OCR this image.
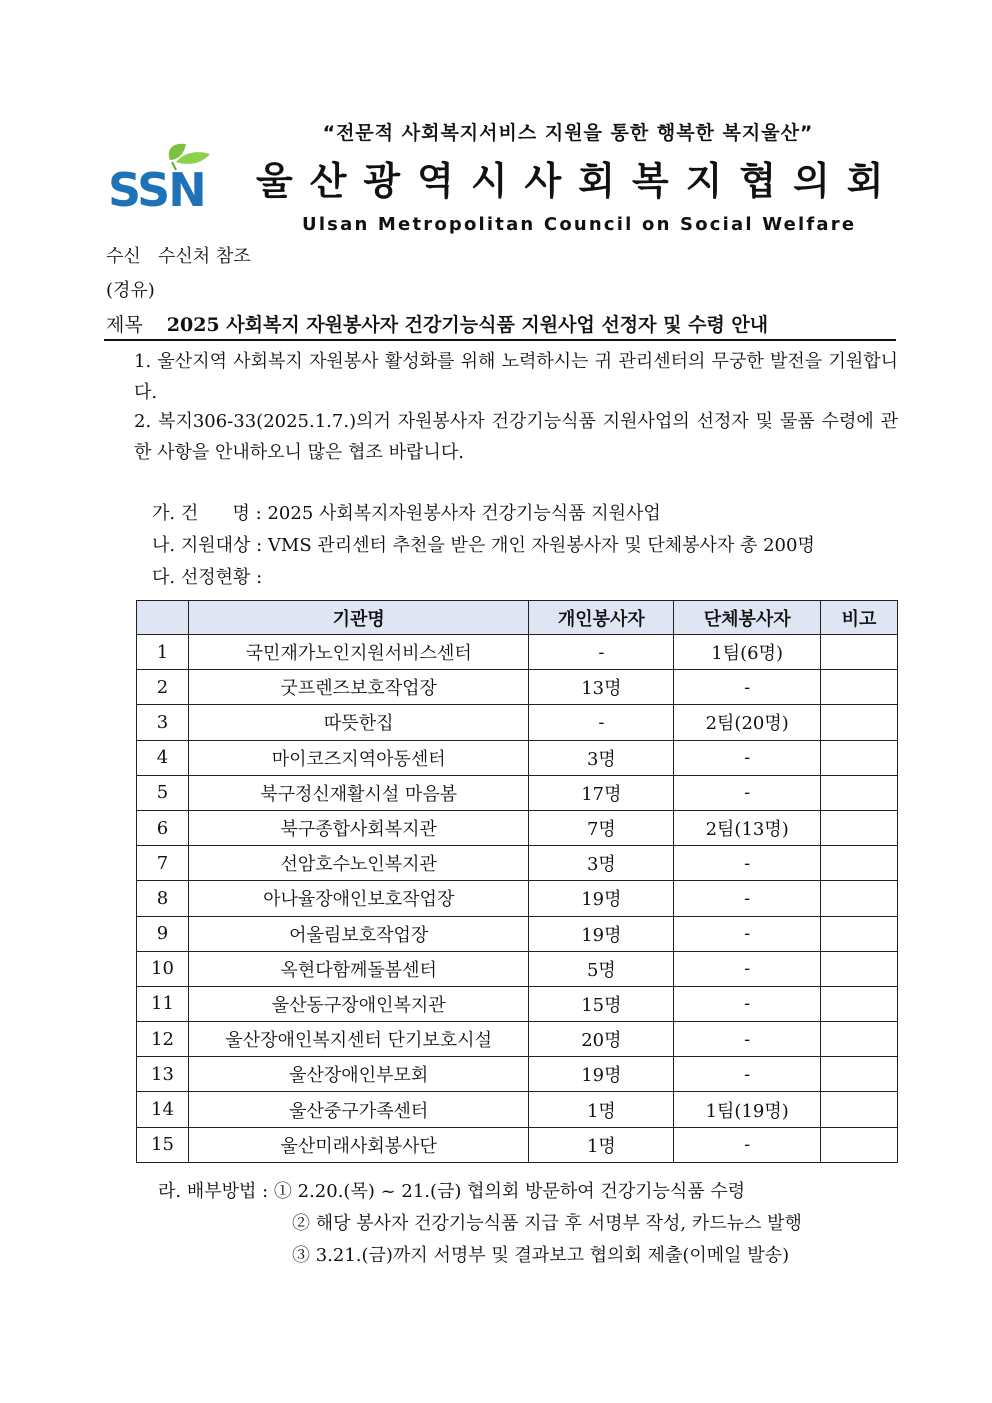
“전문적 사회복지서비스 지원을 통한 행복한 복지울산”
SSN 울산광역시사회복지협의회
Ulsan Metropolitan Council on Social Welfare
수신 수신처 참조
(경유)
제목 2025 사회복지 자원봉사자 건강기능식품 지원사업 선정자 및 수령 안내
1. 울산지역 사회복지 자원봉사 활성화를 위해 노력하시는 귀 관리센터의 무궁한 발전을 기원합니다.
2. 복지306-33(2025.1.7.)의거 자원봉사자 건강기능식품 지원사업의 선정자 및 물품 수령에 관한 사항을 안내하오니 많은 협조 바랍니다.
가. 건      명 : 2025 사회복지자원봉사자 건강기능식품 지원사업
나. 지원대상 : VMS 관리센터 추천을 받은 개인 자원봉사자 및 단체봉사자 총 200명
다. 선정현황 :
	기관명	개인봉사자	단체봉사자	비고
1	국민재가노인지원서비스센터	-	1팀(6명)	
2	굿프렌즈보호작업장	13명	-	
3	따뜻한집	-	2팀(20명)	
4	마이코즈지역아동센터	3명	-	
5	북구정신재활시설 마음봄	17명	-	
6	북구종합사회복지관	7명	2팀(13명)	
7	선암호수노인복지관	3명	-	
8	아나율장애인보호작업장	19명	-	
9	어울림보호작업장	19명	-	
10	옥현다함께돌봄센터	5명	-	
11	울산동구장애인복지관	15명	-	
12	울산장애인복지센터 단기보호시설	20명	-	
13	울산장애인부모회	19명	-	
14	울산중구가족센터	1명	1팀(19명)	
15	울산미래사회봉사단	1명	-	
라. 배부방법 : ① 2.20.(목) ~ 21.(금) 협의회 방문하여 건강기능식품 수령
② 해당 봉사자 건강기능식품 지급 후 서명부 작성, 카드뉴스 발행
③ 3.21.(금)까지 서명부 및 결과보고 협의회 제출(이메일 발송)
